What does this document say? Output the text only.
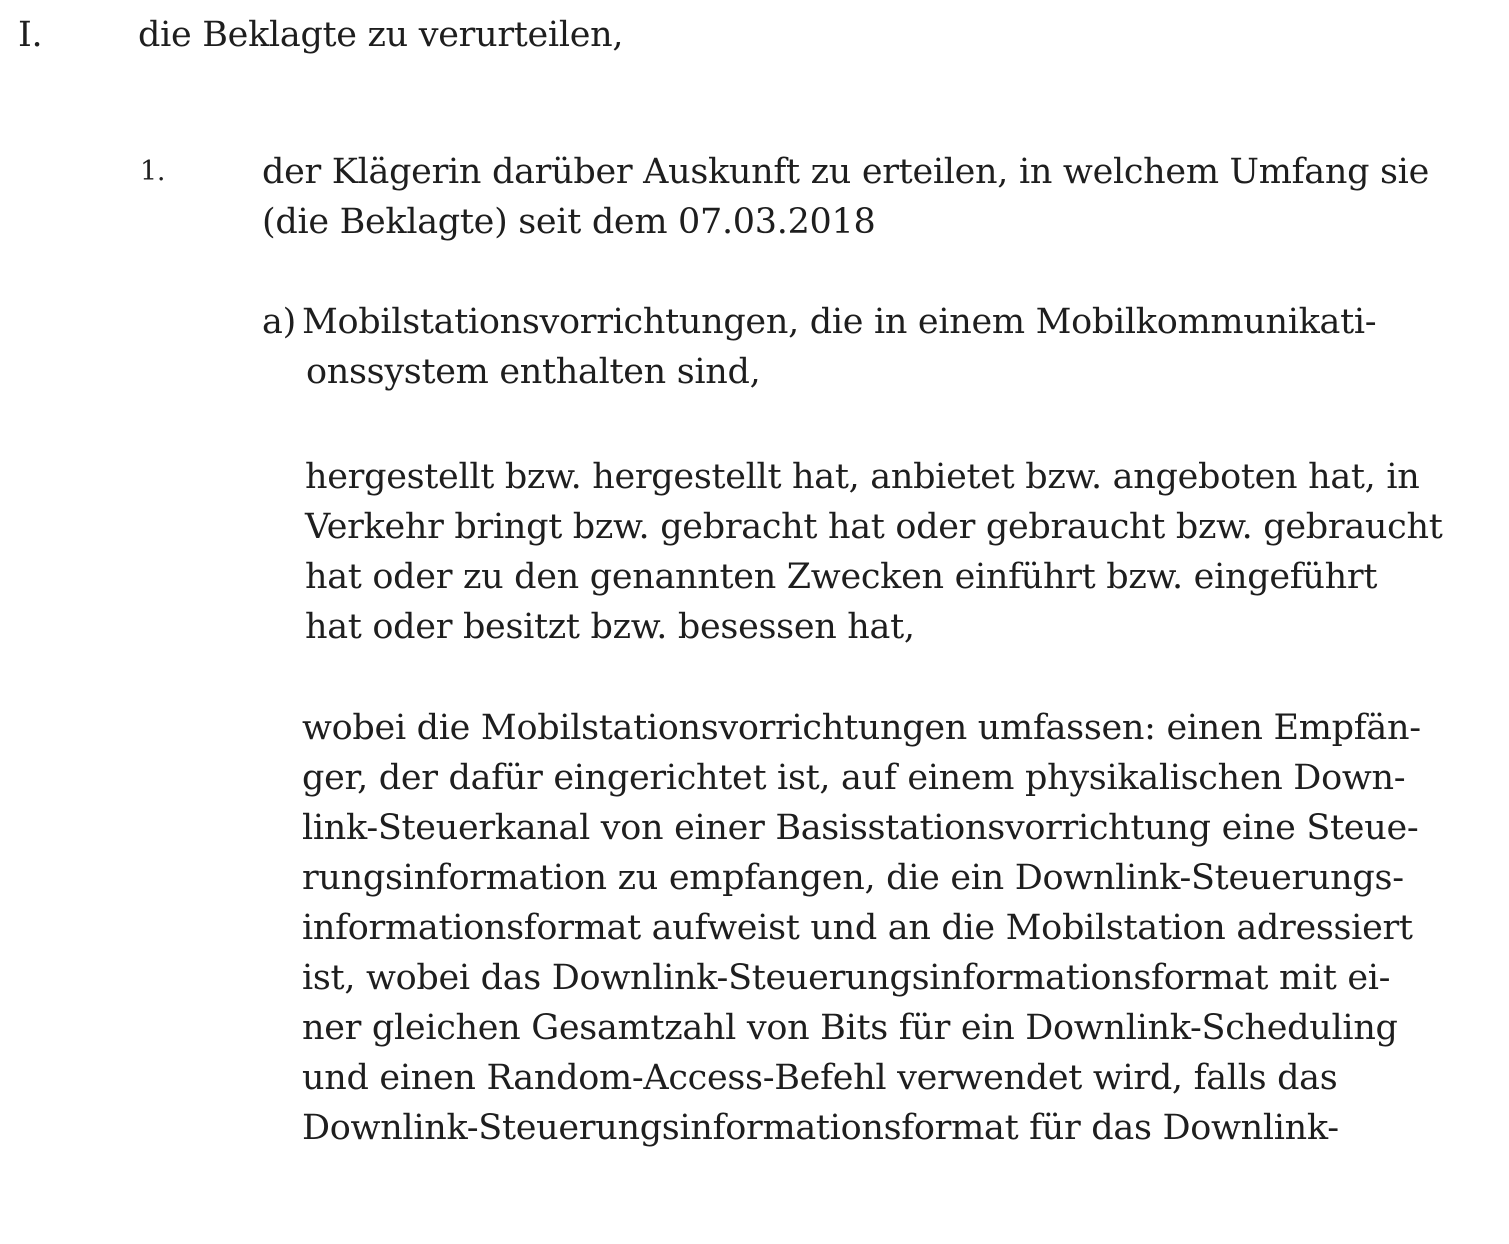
I.	die Beklagte zu verurteilen,
1.	der Klägerin darüber Auskunft zu erteilen, in welchem Umfang sie
(die Beklagte) seit dem 07.03.2018
a) Mobilstationsvorrichtungen, die in einem Mobilkommunikati-
onssystem enthalten sind,
hergestellt bzw. hergestellt hat, anbietet bzw. angeboten hat, in
Verkehr bringt bzw. gebracht hat oder gebraucht bzw. gebraucht
hat oder zu den genannten Zwecken einführt bzw. eingeführt
hat oder besitzt bzw. besessen hat,
wobei die Mobilstationsvorrichtungen umfassen: einen Empfän-
ger, der dafür eingerichtet ist, auf einem physikalischen Down-
link-Steuerkanal von einer Basisstationsvorrichtung eine Steue-
rungsinformation zu empfangen, die ein Downlink-Steuerungs-
informationsformat aufweist und an die Mobilstation adressiert
ist, wobei das Downlink-Steuerungsinformationsformat mit ei-
ner gleichen Gesamtzahl von Bits für ein Downlink-Scheduling
und einen Random-Access-Befehl verwendet wird, falls das
Downlink-Steuerungsinformationsformat für das Downlink-
